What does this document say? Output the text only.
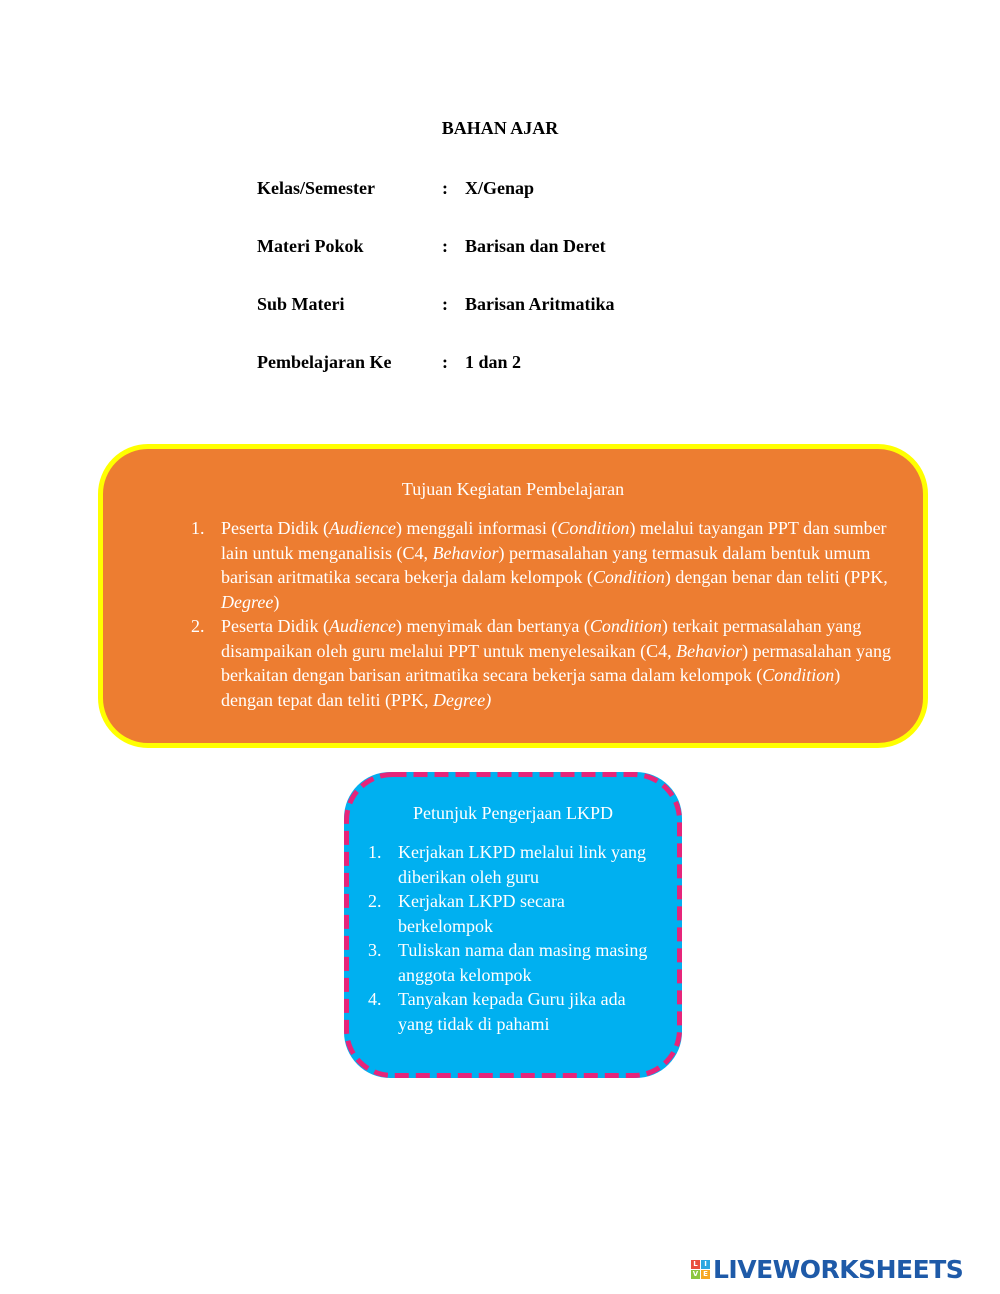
BAHAN AJAR
Kelas/Semester	: X/Genap
Materi Pokok	: Barisan dan Deret
Sub Materi	: Barisan Aritmatika
Pembelajaran Ke	: 1 dan 2
Tujuan Kegiatan Pembelajaran
1. Peserta Didik (Audience) menggali informasi (Condition) melalui tayangan PPT dan sumber lain untuk menganalisis (C4, Behavior) permasalahan yang termasuk dalam bentuk umum barisan aritmatika secara bekerja dalam kelompok (Condition) dengan benar dan teliti (PPK, Degree)
2. Peserta Didik (Audience) menyimak dan bertanya (Condition) terkait permasalahan yang disampaikan oleh guru melalui PPT untuk menyelesaikan (C4, Behavior) permasalahan yang berkaitan dengan barisan aritmatika secara bekerja sama dalam kelompok (Condition) dengan tepat dan teliti (PPK, Degree)
Petunjuk Pengerjaan LKPD
1. Kerjakan LKPD melalui link yang diberikan oleh guru
2. Kerjakan LKPD secara berkelompok
3. Tuliskan nama dan masing masing anggota kelompok
4. Tanyakan kepada Guru jika ada yang tidak di pahami
L I
V E LIVEWORKSHEETS
